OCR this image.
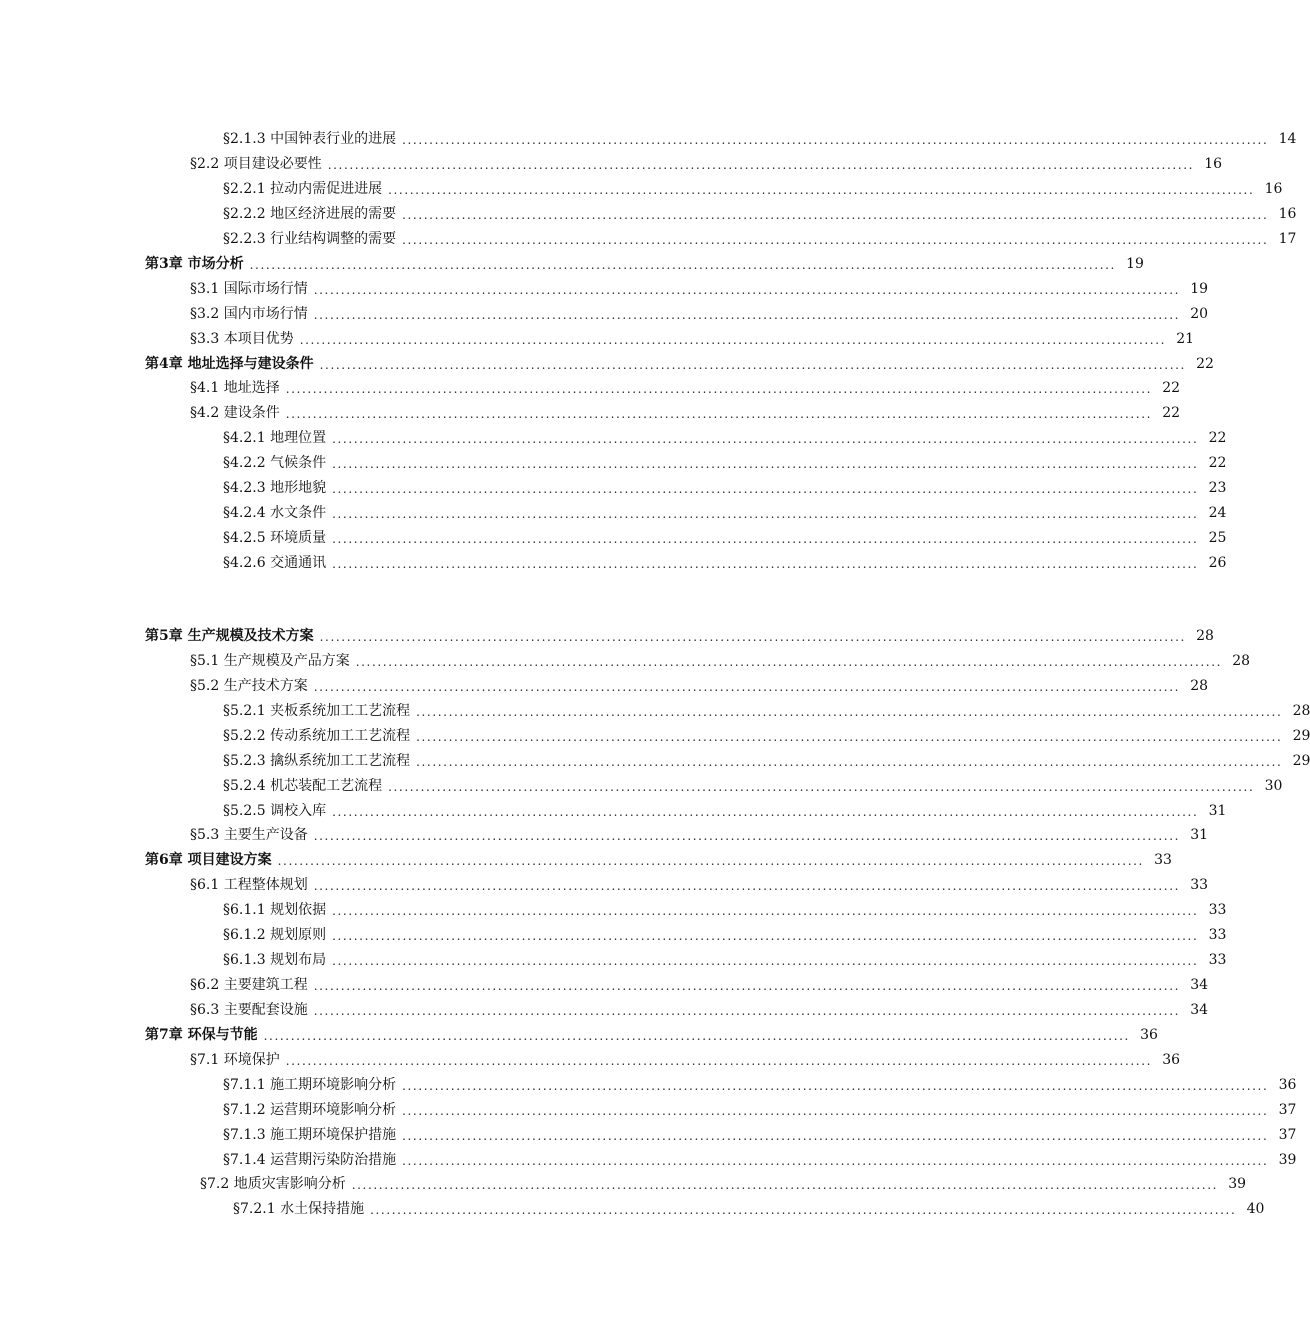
§2.1.3 中国钟表行业的进展 ................................................................................................................................................................ 14
§2.2 项目建设必要性 ................................................................................................................................................................ 16
§2.2.1 拉动内需促进进展 ................................................................................................................................................................ 16
§2.2.2 地区经济进展的需要 ................................................................................................................................................................ 16
§2.2.3 行业结构调整的需要 ................................................................................................................................................................ 17
第3章 市场分析 ................................................................................................................................................................ 19
§3.1 国际市场行情 ................................................................................................................................................................ 19
§3.2 国内市场行情 ................................................................................................................................................................ 20
§3.3 本项目优势 ................................................................................................................................................................ 21
第4章 地址选择与建设条件 ................................................................................................................................................................ 22
§4.1 地址选择 ................................................................................................................................................................ 22
§4.2 建设条件 ................................................................................................................................................................ 22
§4.2.1 地理位置 ................................................................................................................................................................ 22
§4.2.2 气候条件 ................................................................................................................................................................ 22
§4.2.3 地形地貌 ................................................................................................................................................................ 23
§4.2.4 水文条件 ................................................................................................................................................................ 24
§4.2.5 环境质量 ................................................................................................................................................................ 25
§4.2.6 交通通讯 ................................................................................................................................................................ 26
第5章 生产规模及技术方案 ................................................................................................................................................................ 28
§5.1 生产规模及产品方案 ................................................................................................................................................................ 28
§5.2 生产技术方案 ................................................................................................................................................................ 28
§5.2.1 夹板系统加工工艺流程 ................................................................................................................................................................ 28
§5.2.2 传动系统加工工艺流程 ................................................................................................................................................................ 29
§5.2.3 擒纵系统加工工艺流程 ................................................................................................................................................................ 29
§5.2.4 机芯装配工艺流程 ................................................................................................................................................................ 30
§5.2.5 调校入库 ................................................................................................................................................................ 31
§5.3 主要生产设备 ................................................................................................................................................................ 31
第6章 项目建设方案 ................................................................................................................................................................ 33
§6.1 工程整体规划 ................................................................................................................................................................ 33
§6.1.1 规划依据 ................................................................................................................................................................ 33
§6.1.2 规划原则 ................................................................................................................................................................ 33
§6.1.3 规划布局 ................................................................................................................................................................ 33
§6.2 主要建筑工程 ................................................................................................................................................................ 34
§6.3 主要配套设施 ................................................................................................................................................................ 34
第7章 环保与节能 ................................................................................................................................................................ 36
§7.1 环境保护 ................................................................................................................................................................ 36
§7.1.1 施工期环境影响分析 ................................................................................................................................................................ 36
§7.1.2 运营期环境影响分析 ................................................................................................................................................................ 37
§7.1.3 施工期环境保护措施 ................................................................................................................................................................ 37
§7.1.4 运营期污染防治措施 ................................................................................................................................................................ 39
§7.2 地质灾害影响分析 ................................................................................................................................................................ 39
§7.2.1 水土保持措施 ................................................................................................................................................................ 40
